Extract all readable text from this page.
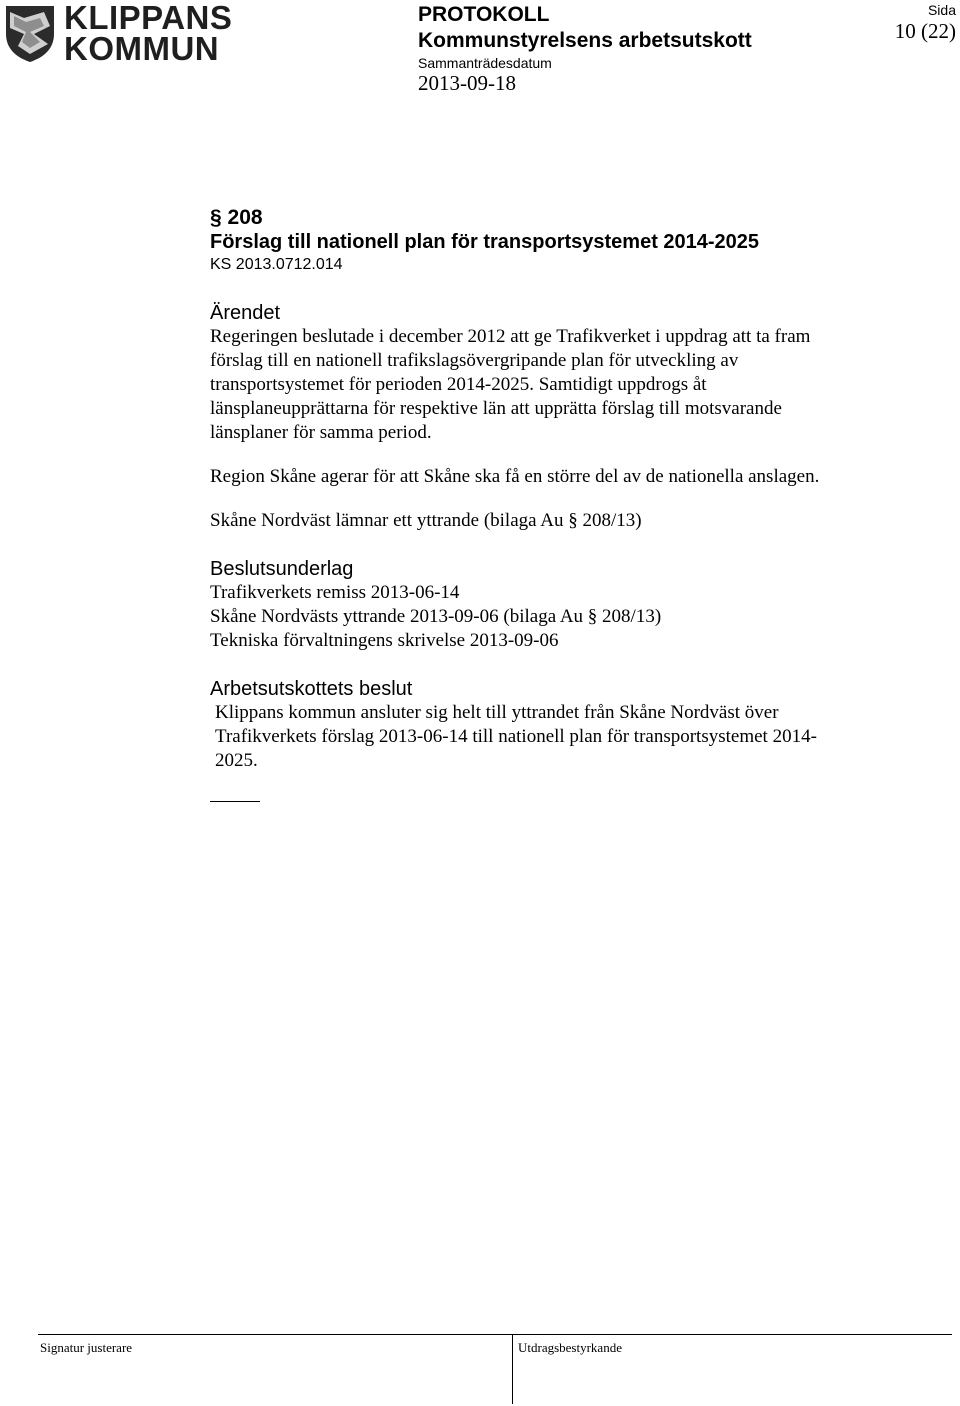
KLIPPANS
KOMMUN
PROTOKOLL
Kommunstyrelsens arbetsutskott
Sammanträdesdatum
2013-09-18
Sida
10 (22)
§ 208
Förslag till nationell plan för transportsystemet 2014-2025
KS 2013.0712.014
Ärendet

Regeringen beslutade i december 2012 att ge Trafikverket i uppdrag att ta fram

förslag till en nationell trafikslagsövergripande plan för utveckling av

transportsystemet för perioden 2014-2025. Samtidigt uppdrogs åt

länsplaneupprättarna för respektive län att upprätta förslag till motsvarande

länsplaner för samma period.

Region Skåne agerar för att Skåne ska få en större del av de nationella anslagen.

Skåne Nordväst lämnar ett yttrande (bilaga Au § 208/13)

Beslutsunderlag

Trafikverkets remiss 2013-06-14

Skåne Nordvästs yttrande 2013-09-06 (bilaga Au § 208/13)

Tekniska förvaltningens skrivelse 2013-09-06

Arbetsutskottets beslut

Klippans kommun ansluter sig helt till yttrandet från Skåne Nordväst över

Trafikverkets förslag 2013-06-14 till nationell plan för transportsystemet 2014-

2025.

Signatur justerare	Utdragsbestyrkande
